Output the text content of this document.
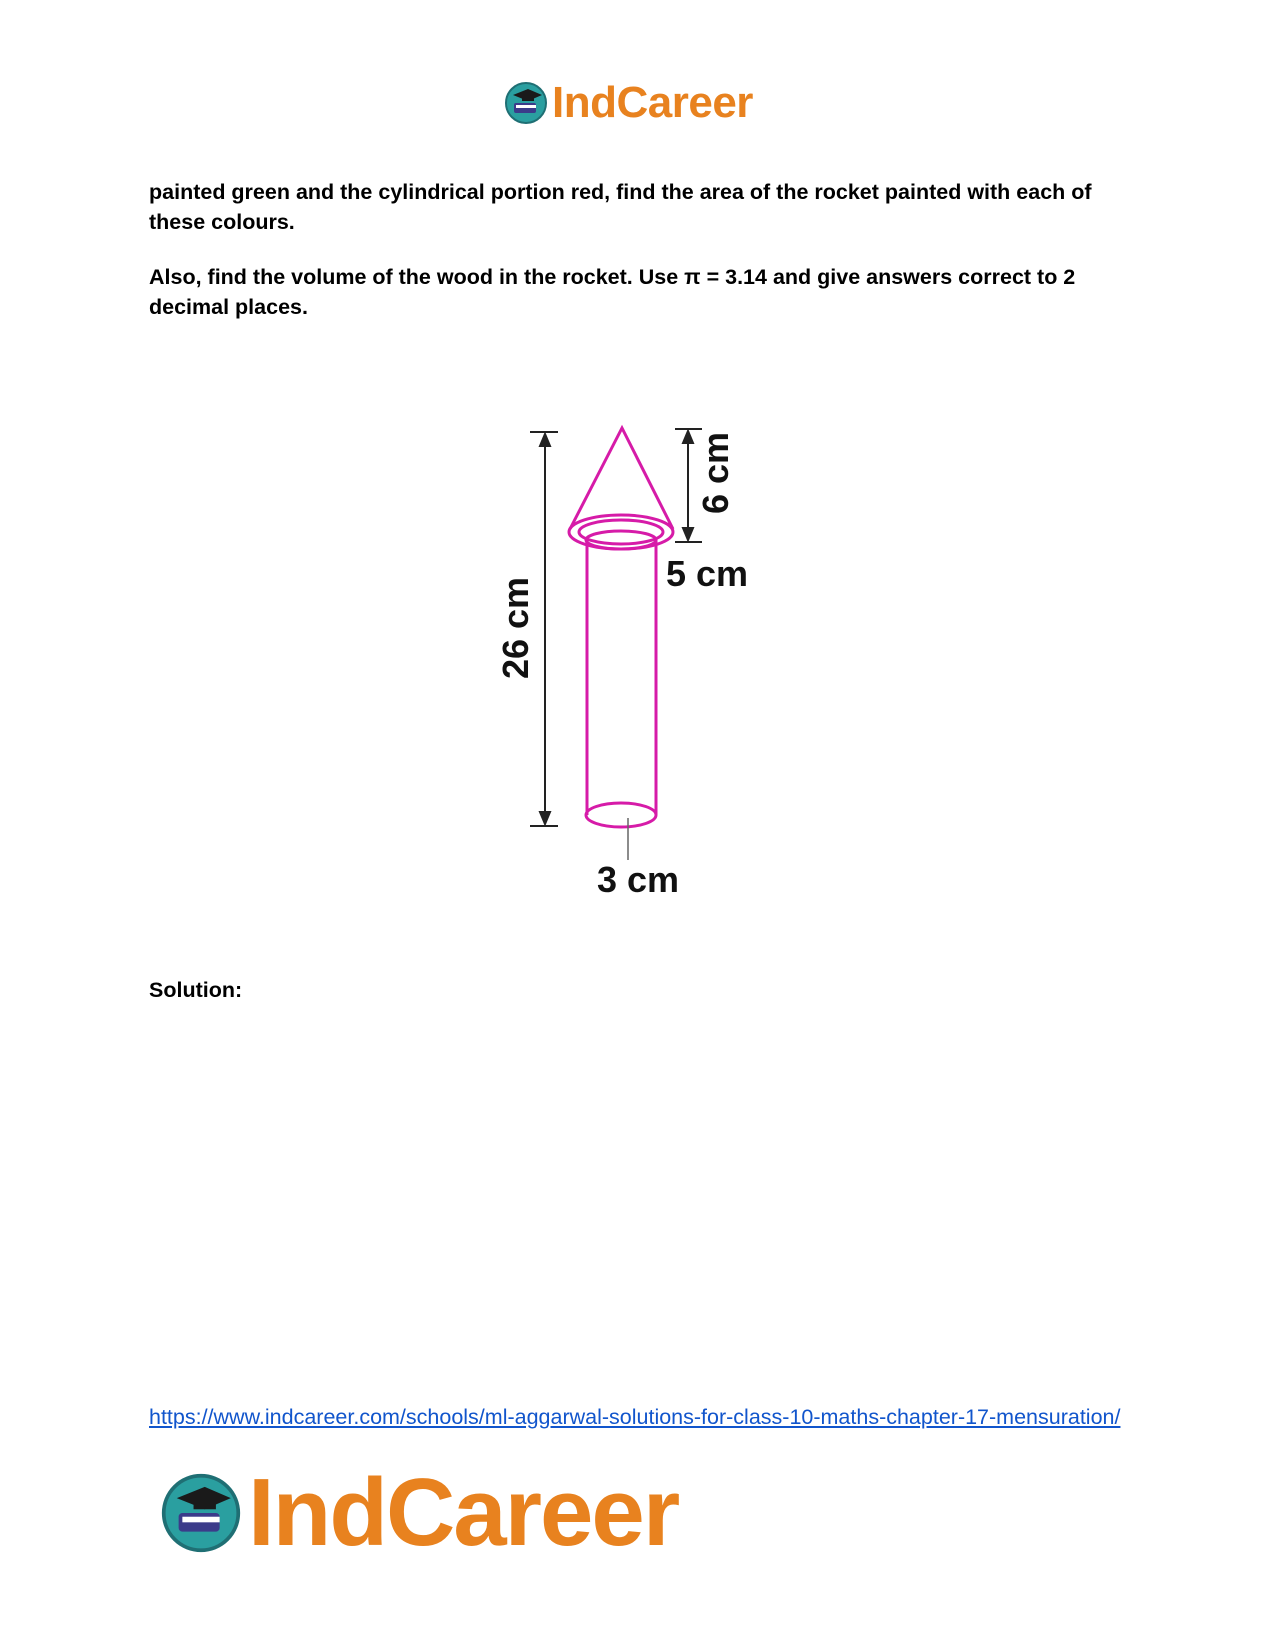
IndCareer

painted green and the cylindrical portion red, find the area of the rocket painted with each of these colours.

Also, find the volume of the wood in the rocket. Use π = 3.14 and give answers correct to 2 decimal places.

26 cm
6 cm
5 cm
3 cm

Solution:

https://www.indcareer.com/schools/ml-aggarwal-solutions-for-class-10-maths-chapter-17-mensuration/
IndCareer
